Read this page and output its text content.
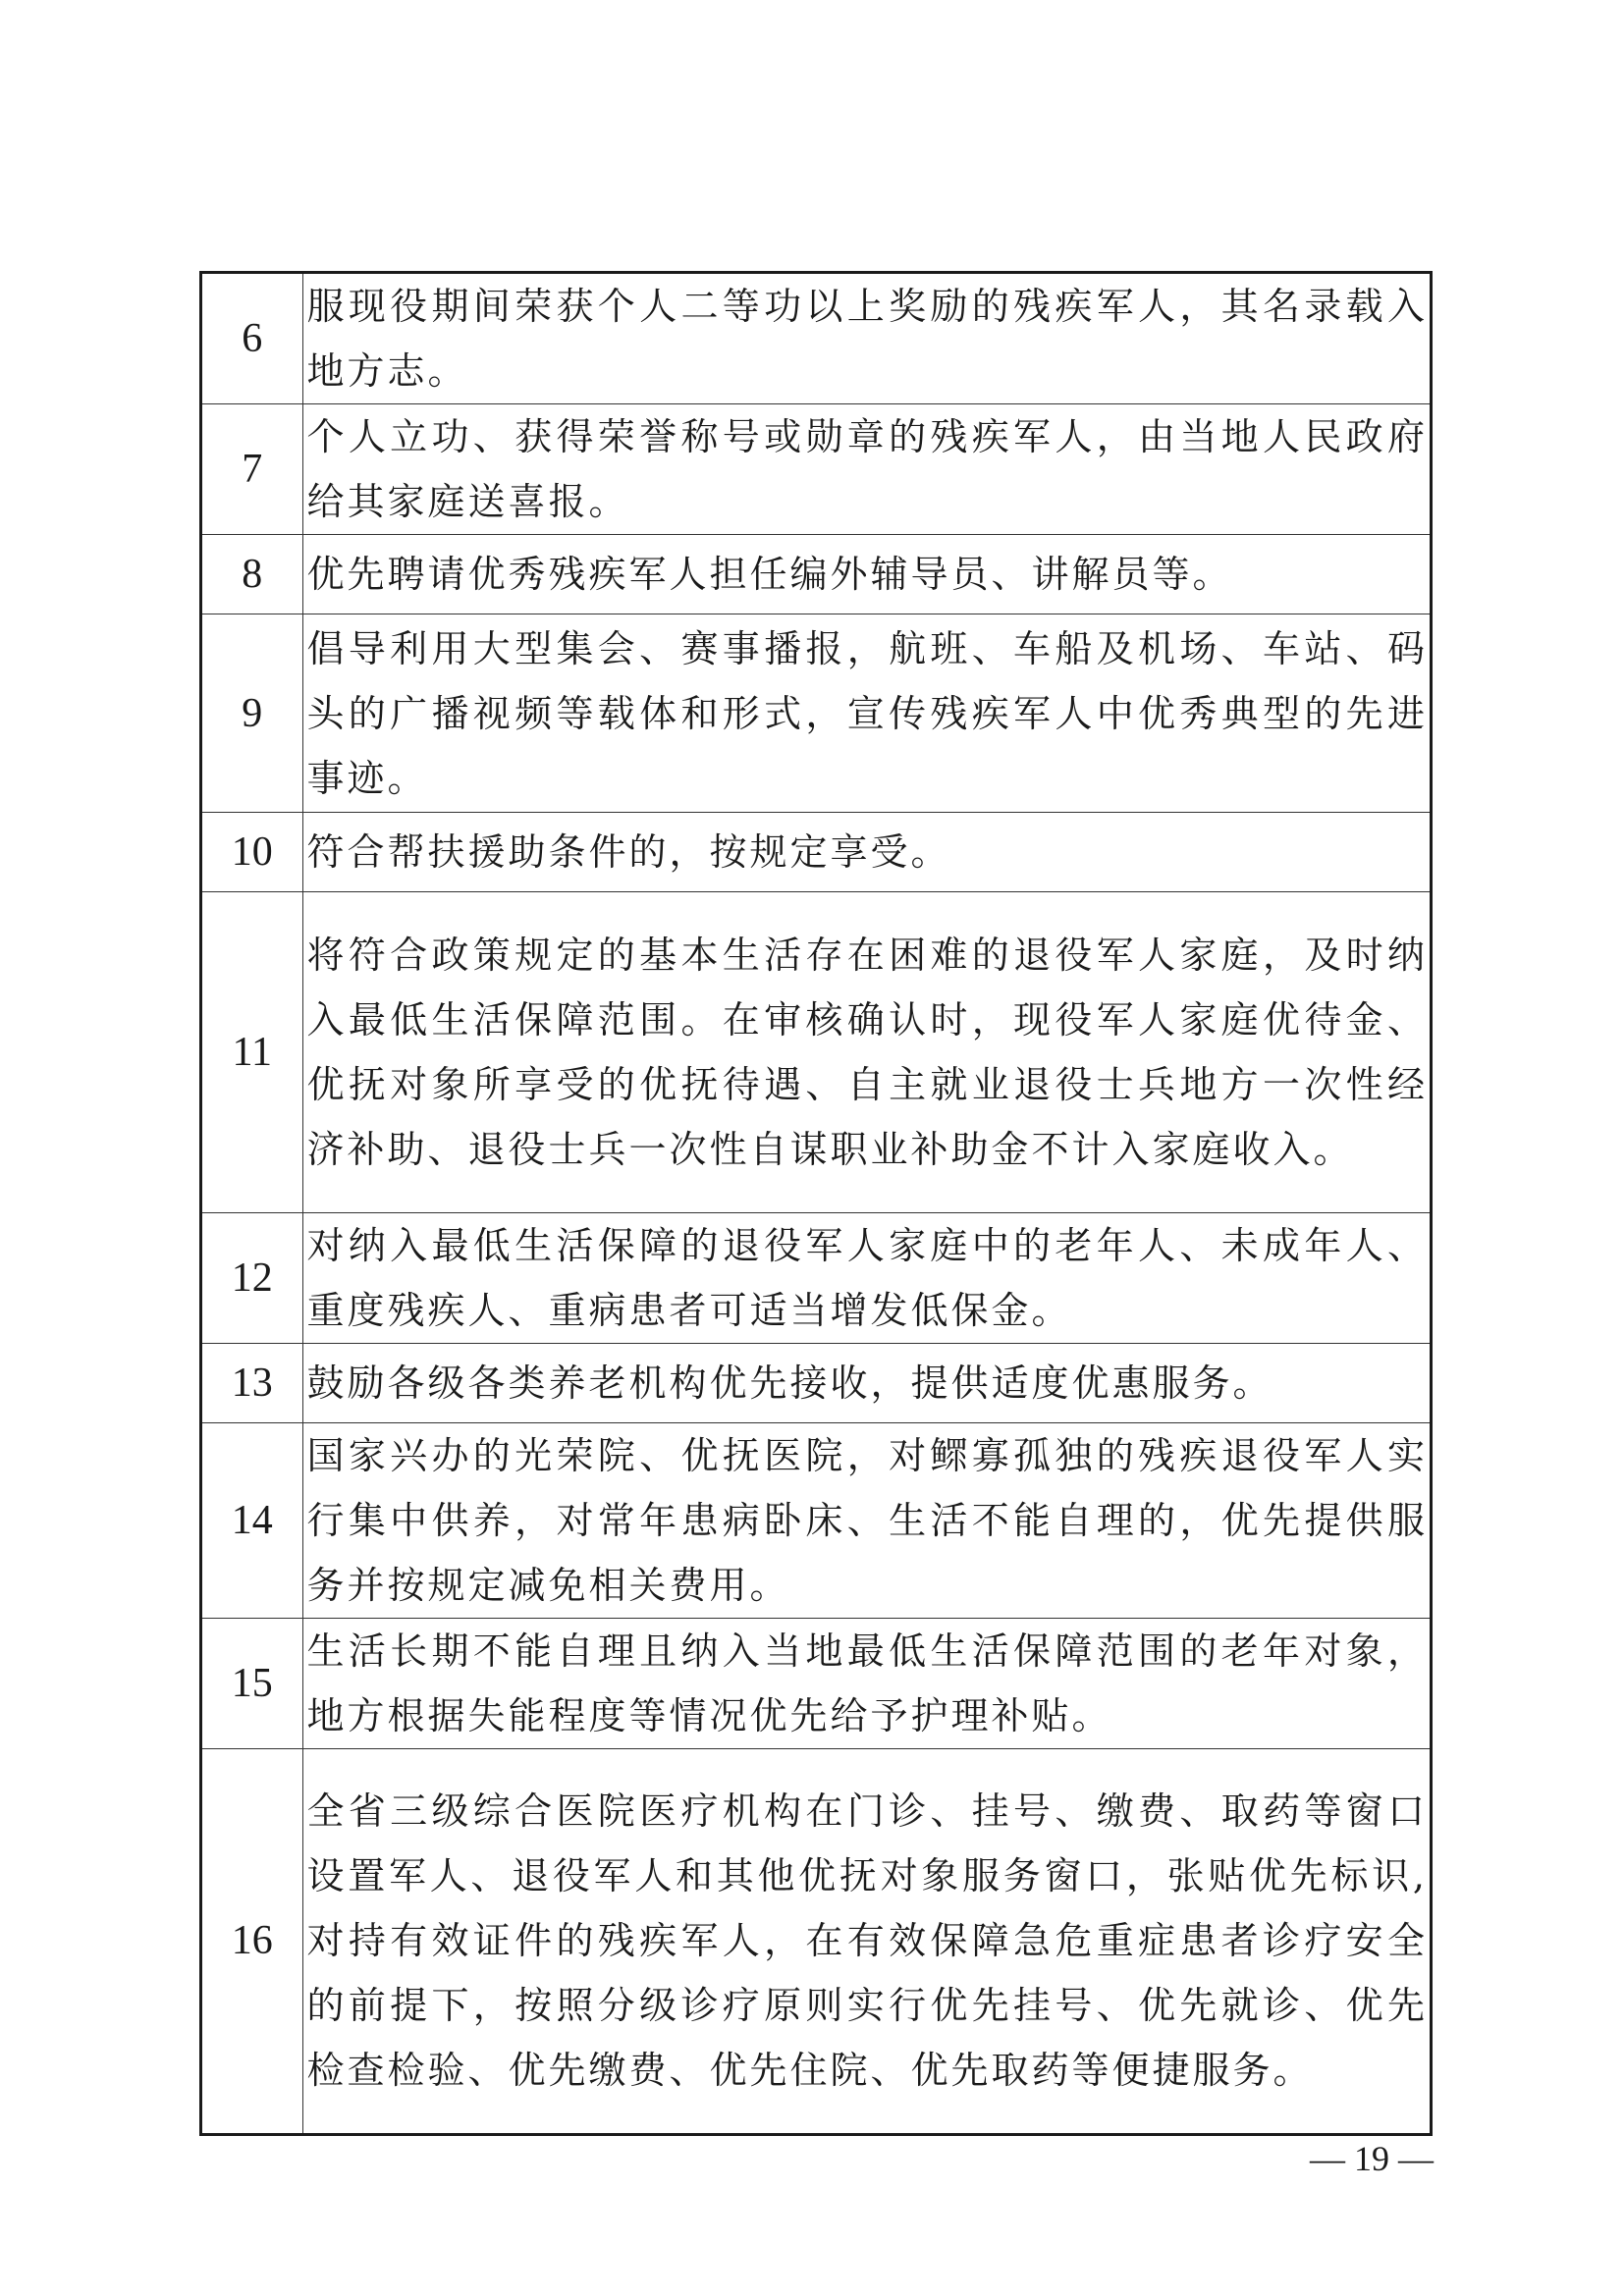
6	服现役期间荣获个人二等功以上奖励的残疾军人，其名录载入地方志。
7	个人立功、获得荣誉称号或勋章的残疾军人，由当地人民政府给其家庭送喜报。
8	优先聘请优秀残疾军人担任编外辅导员、讲解员等。
9	倡导利用大型集会、赛事播报，航班、车船及机场、车站、码头的广播视频等载体和形式，宣传残疾军人中优秀典型的先进事迹。
10	符合帮扶援助条件的，按规定享受。
11	将符合政策规定的基本生活存在困难的退役军人家庭，及时纳入最低生活保障范围。在审核确认时，现役军人家庭优待金、优抚对象所享受的优抚待遇、自主就业退役士兵地方一次性经济补助、退役士兵一次性自谋职业补助金不计入家庭收入。
12	对纳入最低生活保障的退役军人家庭中的老年人、未成年人、重度残疾人、重病患者可适当增发低保金。
13	鼓励各级各类养老机构优先接收，提供适度优惠服务。
14	国家兴办的光荣院、优抚医院，对鳏寡孤独的残疾退役军人实行集中供养，对常年患病卧床、生活不能自理的，优先提供服务并按规定减免相关费用。
15	生活长期不能自理且纳入当地最低生活保障范围的老年对象，地方根据失能程度等情况优先给予护理补贴。
16	全省三级综合医院医疗机构在门诊、挂号、缴费、取药等窗口设置军人、退役军人和其他优抚对象服务窗口，张贴优先标识,对持有效证件的残疾军人，在有效保障急危重症患者诊疗安全的前提下，按照分级诊疗原则实行优先挂号、优先就诊、优先检查检验、优先缴费、优先住院、优先取药等便捷服务。
— 19 —
